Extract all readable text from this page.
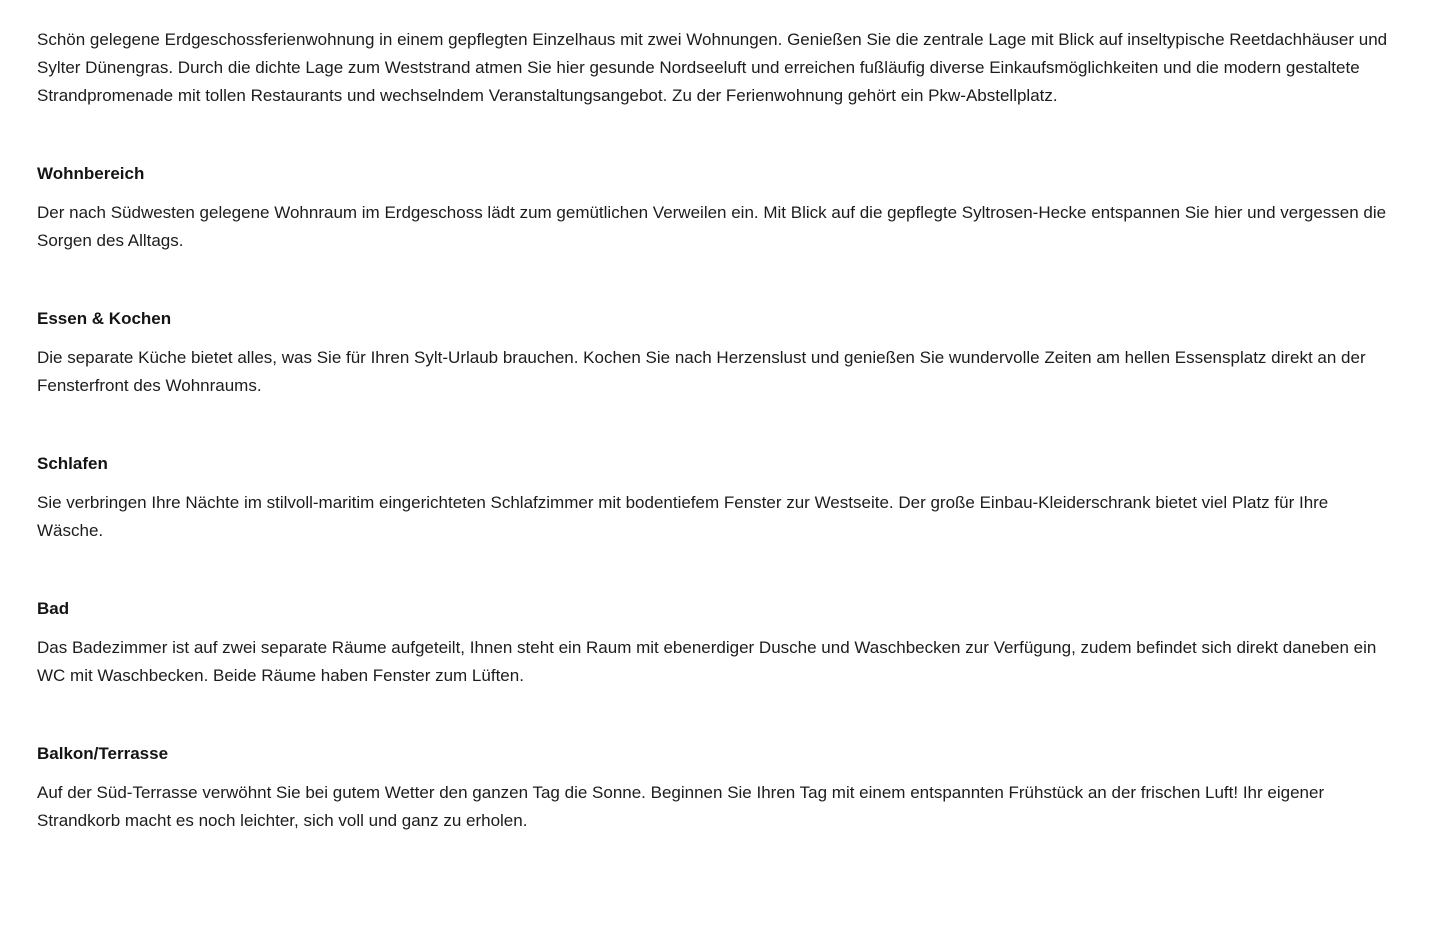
Schön gelegene Erdgeschossferienwohnung in einem gepflegten Einzelhaus mit zwei Wohnungen. Genießen Sie die zentrale Lage mit Blick auf inseltypische Reetdachhäuser und Sylter Dünengras. Durch die dichte Lage zum Weststrand atmen Sie hier gesunde Nordseeluft und erreichen fußläufig diverse Einkaufsmöglichkeiten und die modern gestaltete Strandpromenade mit tollen Restaurants und wechselndem Veranstaltungsangebot. Zu der Ferienwohnung gehört ein Pkw-Abstellplatz.

Wohnbereich

Der nach Südwesten gelegene Wohnraum im Erdgeschoss lädt zum gemütlichen Verweilen ein. Mit Blick auf die gepflegte Syltrosen-Hecke entspannen Sie hier und vergessen die Sorgen des Alltags.

Essen & Kochen

Die separate Küche bietet alles, was Sie für Ihren Sylt-Urlaub brauchen. Kochen Sie nach Herzenslust und genießen Sie wundervolle Zeiten am hellen Essensplatz direkt an der Fensterfront des Wohnraums.

Schlafen

Sie verbringen Ihre Nächte im stilvoll-maritim eingerichteten Schlafzimmer mit bodentiefem Fenster zur Westseite. Der große Einbau-Kleiderschrank bietet viel Platz für Ihre Wäsche.

Bad

Das Badezimmer ist auf zwei separate Räume aufgeteilt, Ihnen steht ein Raum mit ebenerdiger Dusche und Waschbecken zur Verfügung, zudem befindet sich direkt daneben ein WC mit Waschbecken. Beide Räume haben Fenster zum Lüften.

Balkon/Terrasse

Auf der Süd-Terrasse verwöhnt Sie bei gutem Wetter den ganzen Tag die Sonne. Beginnen Sie Ihren Tag mit einem entspannten Frühstück an der frischen Luft! Ihr eigener Strandkorb macht es noch leichter, sich voll und ganz zu erholen.
